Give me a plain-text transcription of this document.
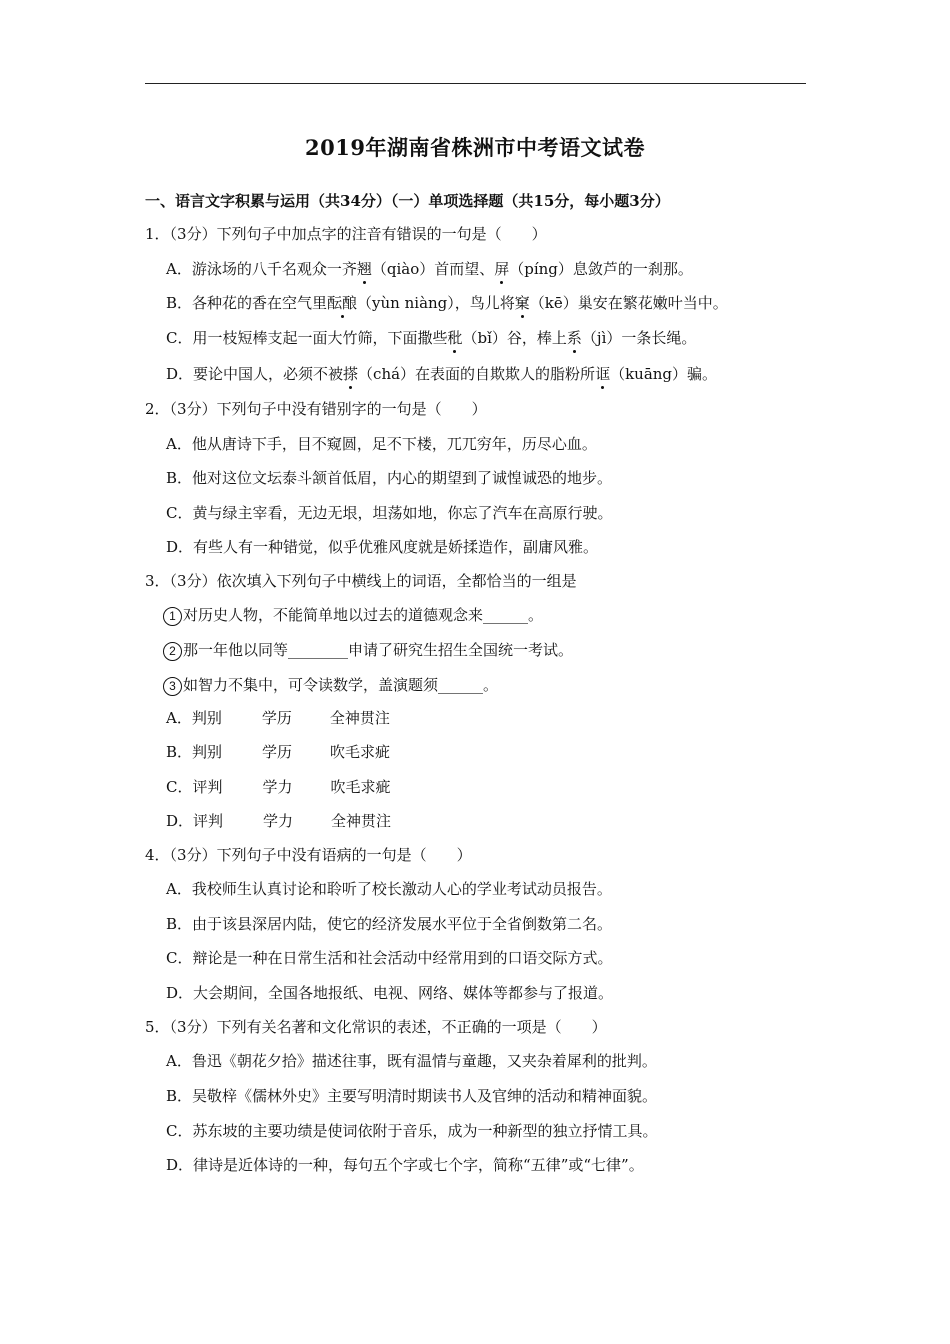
2019年湖南省株洲市中考语文试卷
一、语言文字积累与运用（共34分）（一）单项选择题（共15分，每小题3分）
1．（3分）下列句子中加点字的注音有错误的一句是（　　）
A．游泳场的八千名观众一齐翘（qiào）首而望、屏（píng）息敛芦的一刹那。
B．各种花的香在空气里酝酿（yùn niàng），鸟儿将窠（kē）巢安在繁花嫩叶当中。
C．用一枝短棒支起一面大竹筛，下面撒些秕（bǐ）谷，棒上系（jì）一条长绳。
D．要论中国人，必须不被搽（chá）在表面的自欺欺人的脂粉所诓（kuāng）骗。
2．（3分）下列句子中没有错别字的一句是（　　）
A．他从唐诗下手，目不窥圆，足不下楼，兀兀穷年，历尽心血。
B．他对这位文坛泰斗颔首低眉，内心的期望到了诚惶诚恐的地步。
C．黄与绿主宰看，无边无垠，坦荡如地，你忘了汽车在高原行驶。
D．有些人有一种错觉，似乎优雅风度就是娇揉造作，副庸风雅。
3．（3分）依次填入下列句子中横线上的词语，全都恰当的一组是
1 对历史人物，不能简单地以过去的道德观念来______。
2 那一年他以同等________申请了研究生招生全国统一考试。
3 如智力不集中，可令读数学，盖演题须______。
A．判别	学历	全神贯注
B．判别	学历	吹毛求疵
C．评判	学力	吹毛求疵
D．评判	学力	全神贯注
4．（3分）下列句子中没有语病的一句是（　　）
A．我校师生认真讨论和聆听了校长激动人心的学业考试动员报告。
B．由于该县深居内陆，使它的经济发展水平位于全省倒数第二名。
C．辩论是一种在日常生活和社会活动中经常用到的口语交际方式。
D．大会期间，全国各地报纸、电视、网络、媒体等都参与了报道。
5．（3分）下列有关名著和文化常识的表述，不正确的一项是（　　）
A．鲁迅《朝花夕拾》描述往事，既有温情与童趣，又夹杂着犀利的批判。
B．吴敬梓《儒林外史》主要写明清时期读书人及官绅的活动和精神面貌。
C．苏东坡的主要功绩是使词依附于音乐，成为一种新型的独立抒情工具。
D．律诗是近体诗的一种，每句五个字或七个字，简称“五律”或“七律”。
